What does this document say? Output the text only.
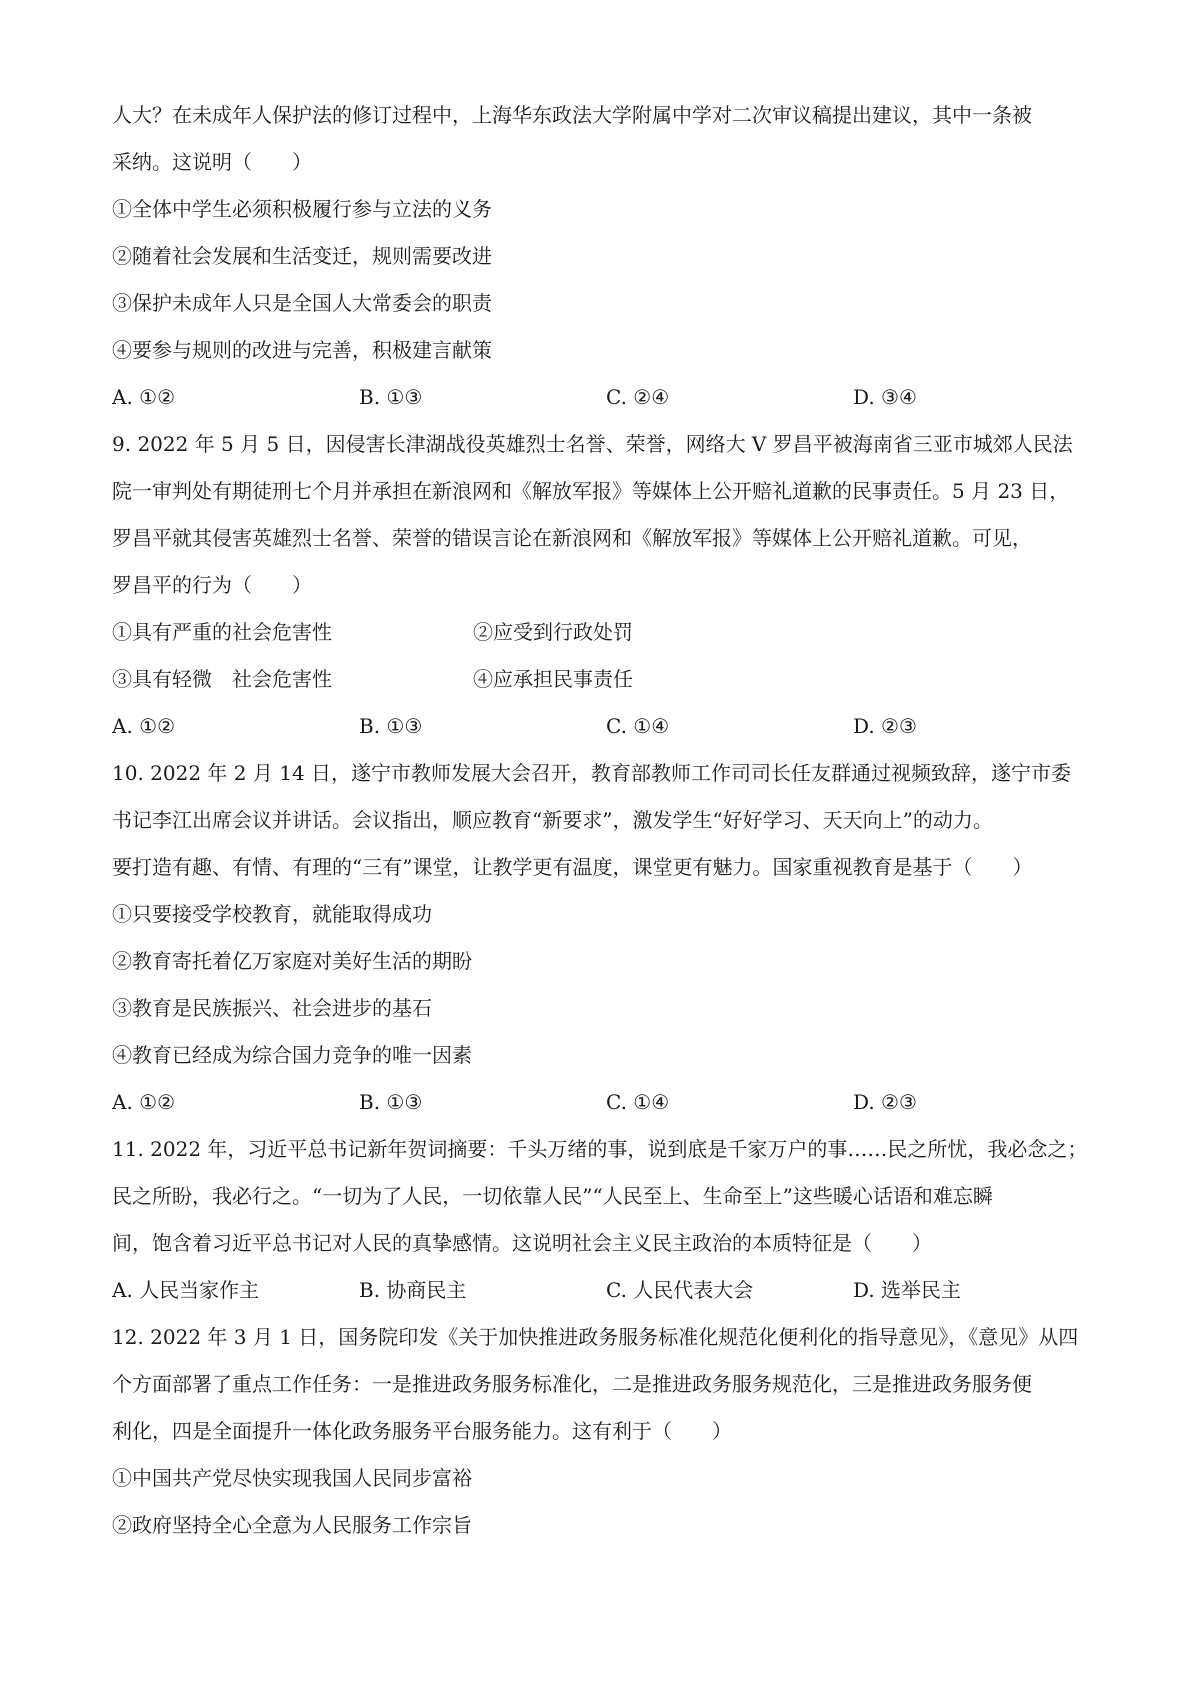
人大？在未成年人保护法的修订过程中，上海华东政法大学附属中学对二次审议稿提出建议，其中一条被
采纳。这说明（　　）
①全体中学生必须积极履行参与立法的义务
②随着社会发展和生活变迁，规则需要改进
③保护未成年人只是全国人大常委会的职责
④要参与规则的改进与完善，积极建言献策
A. ①②	B. ①③	C. ②④	D. ③④
9. 2022 年 5 月 5 日，因侵害长津湖战役英雄烈士名誉、荣誉，网络大 V 罗昌平被海南省三亚市城郊人民法
院一审判处有期徒刑七个月并承担在新浪网和《解放军报》等媒体上公开赔礼道歉的民事责任。5 月 23 日，
罗昌平就其侵害英雄烈士名誉、荣誉的错误言论在新浪网和《解放军报》等媒体上公开赔礼道歉。可见，
罗昌平的行为（　　）
①具有严重的社会危害性	②应受到行政处罚
③具有轻微　社会危害性	④应承担民事责任
A. ①②	B. ①③	C. ①④	D. ②③
10. 2022 年 2 月 14 日，遂宁市教师发展大会召开，教育部教师工作司司长任友群通过视频致辞，遂宁市委
书记李江出席会议并讲话。会议指出，顺应教育“新要求”，激发学生“好好学习、天天向上”的动力。
要打造有趣、有情、有理的“三有”课堂，让教学更有温度，课堂更有魅力。国家重视教育是基于（　　）
①只要接受学校教育，就能取得成功
②教育寄托着亿万家庭对美好生活的期盼
③教育是民族振兴、社会进步的基石
④教育已经成为综合国力竞争的唯一因素
A. ①②	B. ①③	C. ①④	D. ②③
11. 2022 年，习近平总书记新年贺词摘要：千头万绪的事，说到底是千家万户的事……民之所忧，我必念之；
民之所盼，我必行之。“一切为了人民，一切依靠人民”“人民至上、生命至上”这些暖心话语和难忘瞬
间，饱含着习近平总书记对人民的真挚感情。这说明社会主义民主政治的本质特征是（　　）
A. 人民当家作主	B. 协商民主	C. 人民代表大会	D. 选举民主
12. 2022 年 3 月 1 日，国务院印发《关于加快推进政务服务标准化规范化便利化的指导意见》，《意见》从四
个方面部署了重点工作任务：一是推进政务服务标准化，二是推进政务服务规范化，三是推进政务服务便
利化，四是全面提升一体化政务服务平台服务能力。这有利于（　　）
①中国共产党尽快实现我国人民同步富裕
②政府坚持全心全意为人民服务工作宗旨
